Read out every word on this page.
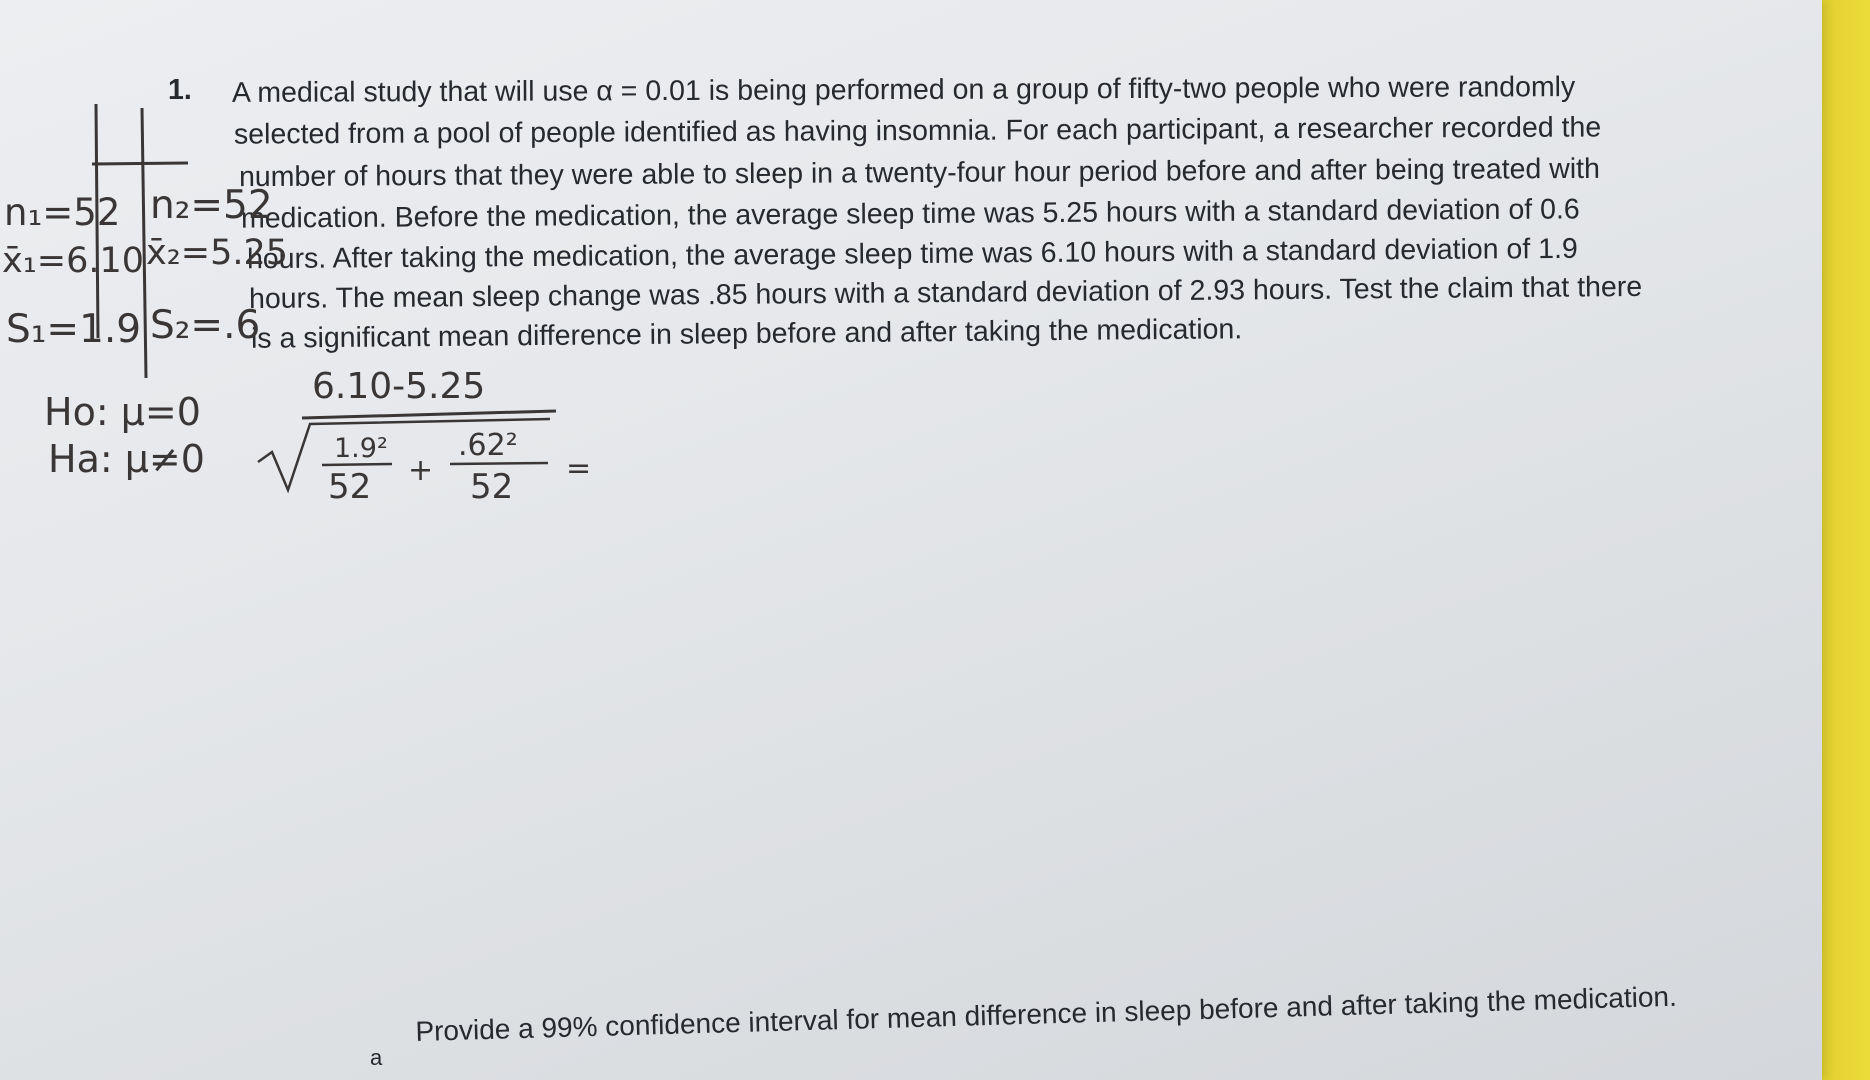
1. A medical study that will use α = 0.01 is being performed on a group of fifty-two people who were randomly
selected from a pool of people identified as having insomnia. For each participant, a researcher recorded the
number of hours that they were able to sleep in a twenty-four hour period before and after being treated with
medication. Before the medication, the average sleep time was 5.25 hours with a standard deviation of 0.6
hours. After taking the medication, the average sleep time was 6.10 hours with a standard deviation of 1.9
hours. The mean sleep change was .85 hours with a standard deviation of 2.93 hours. Test the claim that there
is a significant mean difference in sleep before and after taking the medication.
n₁=52 n₂=52
x̄₁=6.10 x̄₂=5.25
S₁=1.9 S₂=.6
Ho: μ=0
Ha: μ≠0
6.10-5.25
1.9²
52 +
.62²
52 =
a
Provide a 99% confidence interval for mean difference in sleep before and after taking the medication.
